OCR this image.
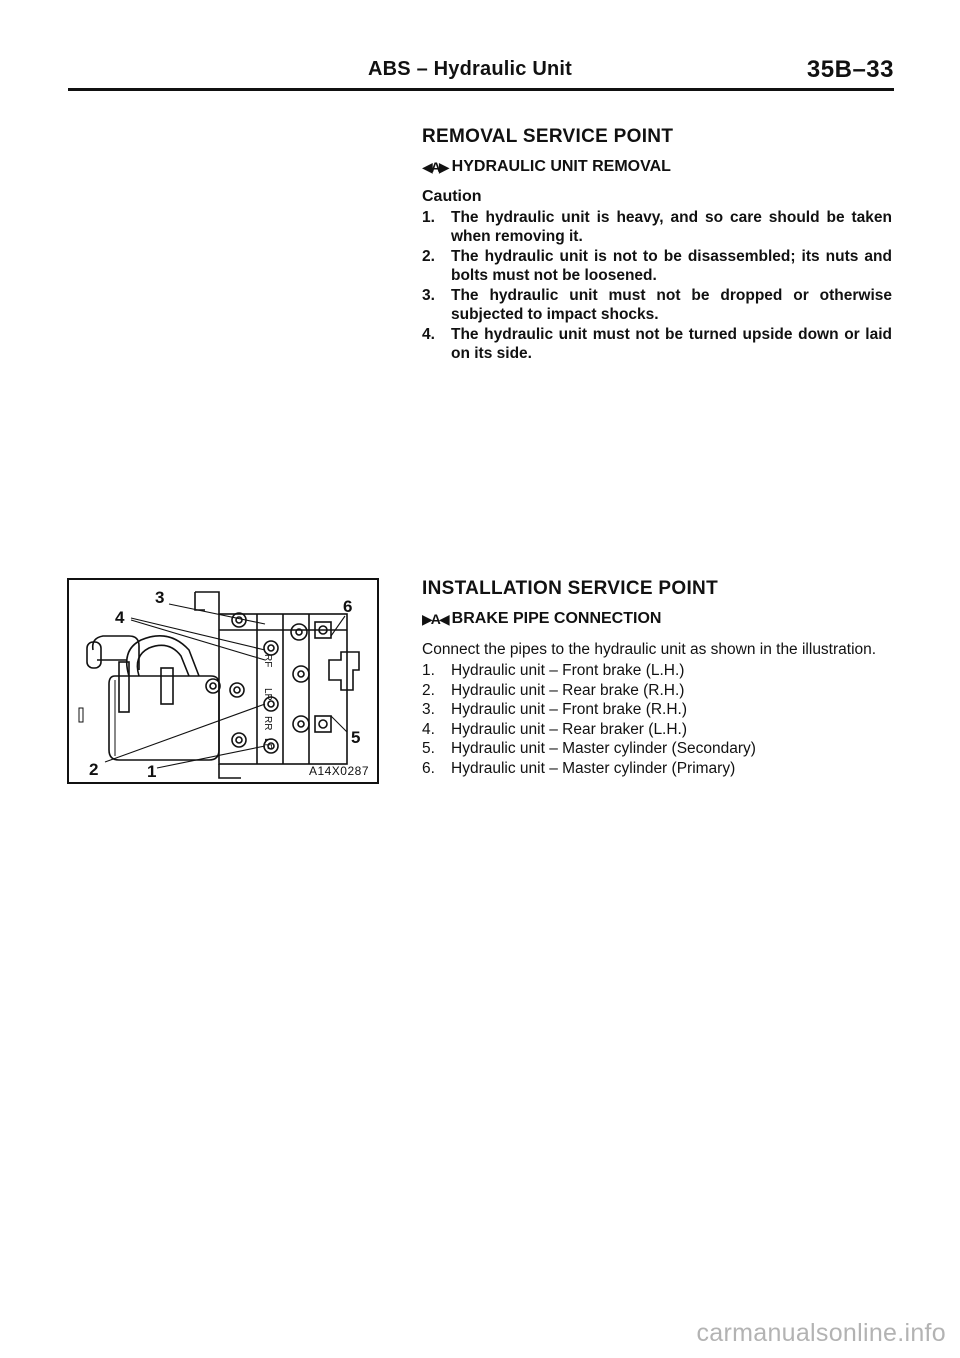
ABS – Hydraulic Unit	35B–33
REMOVAL SERVICE POINT
◀A▶ HYDRAULIC UNIT REMOVAL
Caution
1. The hydraulic unit is heavy, and so care should be taken when removing it.
2. The hydraulic unit is not to be disassembled; its nuts and bolts must not be loosened.
3. The hydraulic unit must not be dropped or otherwise subjected to impact shocks.
4. The hydraulic unit must not be turned upside down or laid on its side.
INSTALLATION SERVICE POINT
▶A◀ BRAKE PIPE CONNECTION
Connect the pipes to the hydraulic unit as shown in the illustration.
1. Hydraulic unit – Front brake (L.H.)
2. Hydraulic unit – Rear brake (R.H.)
3. Hydraulic unit – Front brake (R.H.)
4. Hydraulic unit – Rear braker (L.H.)
5. Hydraulic unit – Master cylinder (Secondary)
6. Hydraulic unit – Master cylinder (Primary)
RF
LR
RR
LF
3
4
6
5
2	1	A14X0287
carmanualsonline.info
